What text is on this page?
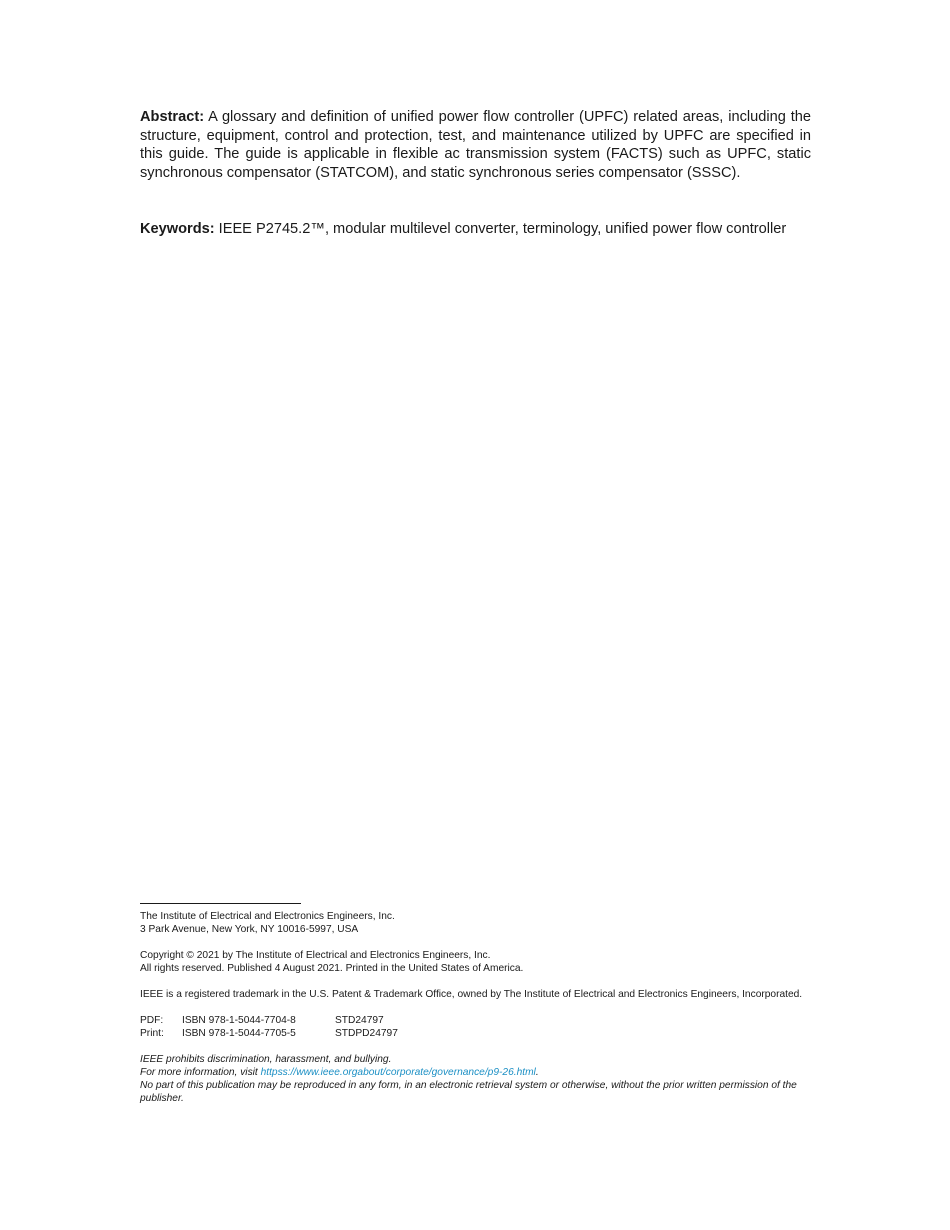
Abstract: A glossary and definition of unified power flow controller (UPFC) related areas, including the structure, equipment, control and protection, test, and maintenance utilized by UPFC are specified in this guide. The guide is applicable in flexible ac transmission system (FACTS) such as UPFC, static synchronous compensator (STATCOM), and static synchronous series compensator (SSSC).

Keywords: IEEE P2745.2™, modular multilevel converter, terminology, unified power flow controller

The Institute of Electrical and Electronics Engineers, Inc.

3 Park Avenue, New York, NY 10016-5997, USA

Copyright © 2021 by The Institute of Electrical and Electronics Engineers, Inc.

All rights reserved. Published 4 August 2021. Printed in the United States of America.

IEEE is a registered trademark in the U.S. Patent & Trademark Office, owned by The Institute of Electrical and Electronics Engineers, Incorporated.

PDF:	ISBN 978-1-5044-7704-8	STD24797
Print:	ISBN 978-1-5044-7705-5	STDPD24797

IEEE prohibits discrimination, harassment, and bullying.

For more information, visit httpss://www.ieee.orgabout/corporate/governance/p9-26.html.

No part of this publication may be reproduced in any form, in an electronic retrieval system or otherwise, without the prior written permission of the publisher.
